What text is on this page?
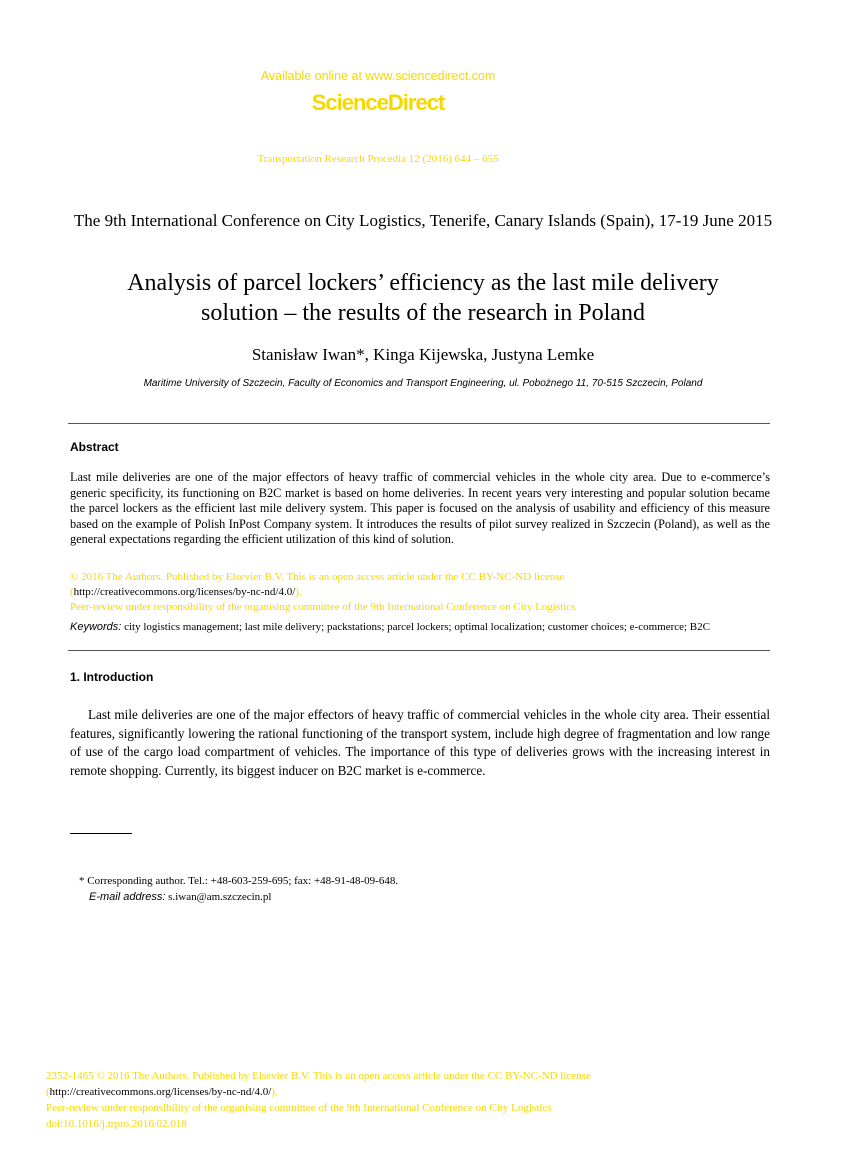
Available online at www.sciencedirect.com
ScienceDirect
Transportation Research Procedia 12 (2016) 644 – 655
The 9th International Conference on City Logistics, Tenerife, Canary Islands (Spain), 17-19 June 2015
Analysis of parcel lockers’ efficiency as the last mile delivery
solution – the results of the research in Poland
Stanisław Iwan*, Kinga Kijewska, Justyna Lemke
Maritime University of Szczecin, Faculty of Economics and Transport Engineering, ul. Pobożnego 11, 70-515 Szczecin, Poland
Abstract

Last mile deliveries are one of the major effectors of heavy traffic of commercial vehicles in the whole city area. Due to e-commerce’s generic specificity, its functioning on B2C market is based on home deliveries. In recent years very interesting and popular solution became the parcel lockers as the efficient last mile delivery system. This paper is focused on the analysis of usability and efficiency of this measure based on the example of Polish InPost Company system. It introduces the results of pilot survey realized in Szczecin (Poland), as well as the general expectations regarding the efficient utilization of this kind of solution.

© 2016 The Authors. Published by Elsevier B.V. This is an open access article under the CC BY-NC-ND license
(http://creativecommons.org/licenses/by-nc-nd/4.0/).
Peer-review under responsibility of the organising committee of the 9th International Conference on City Logistics
Keywords: city logistics management; last mile delivery; packstations; parcel lockers; optimal localization; customer choices; e-commerce; B2C
1. Introduction

Last mile deliveries are one of the major effectors of heavy traffic of commercial vehicles in the whole city area. Their essential features, significantly lowering the rational functioning of the transport system, include high degree of fragmentation and low range of use of the cargo load compartment of vehicles. The importance of this type of deliveries grows with the increasing interest in remote shopping. Currently, its biggest inducer on B2C market is e-commerce.

* Corresponding author. Tel.: +48-603-259-695; fax: +48-91-48-09-648.
E-mail address: s.iwan@am.szczecin.pl
2352-1465 © 2016 The Authors. Published by Elsevier B.V. This is an open access article under the CC BY-NC-ND license
(http://creativecommons.org/licenses/by-nc-nd/4.0/).
Peer-review under responsibility of the organising committee of the 9th International Conference on City Logistics
doi:10.1016/j.trpro.2016.02.018
